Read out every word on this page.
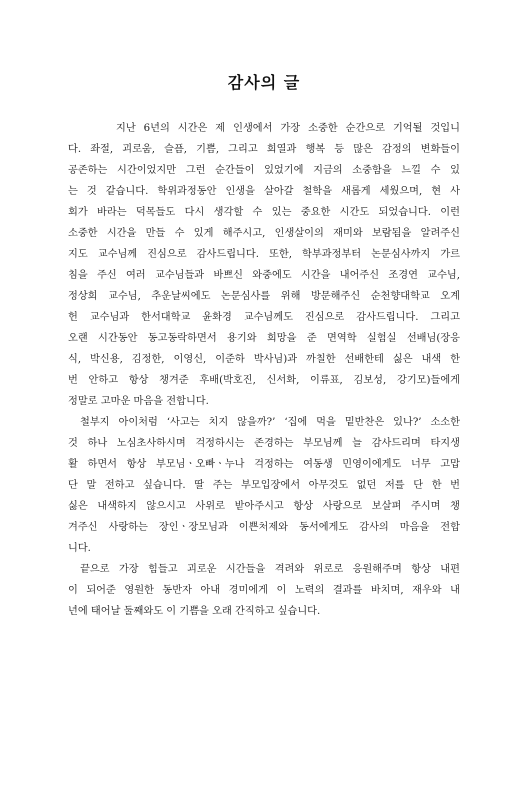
감사의 글

지난 6년의 시간은 제 인생에서 가장 소중한 순간으로 기억될 것입니
다. 좌절, 괴로움, 슬픔, 기쁨, 그리고 희열과 행복 등 많은 감정의 변화들이
공존하는 시간이었지만 그런 순간들이 있었기에 지금의 소중함을 느낄 수 있
는 것 같습니다. 학위과정동안 인생을 살아갈 철학을 새롭게 세웠으며, 현 사
회가 바라는 덕목들도 다시 생각할 수 있는 중요한 시간도 되었습니다. 이런
소중한 시간을 만들 수 있게 해주시고, 인생살이의 재미와 보람됨을 알려주신
지도 교수님께 진심으로 감사드립니다. 또한, 학부과정부터 논문심사까지 가르
침을 주신 여러 교수님들과 바쁘신 와중에도 시간을 내어주신 조경연 교수님,
정상희 교수님, 추운날씨에도 논문심사를 위해 방문해주신 순천향대학교 오계
헌 교수님과 한서대학교 윤화경 교수님께도 진심으로 감사드립니다. 그리고
오랜 시간동안 동고동락하면서 용기와 희망을 준 면역학 실험실 선배님(장응
식, 박신용, 김정한, 이영신, 이준하 박사님)과 까칠한 선배한테 싫은 내색 한
번 안하고 항상 챙겨준 후배(박호진, 신서화, 이류표, 김보성, 강기모)들에게
정말로 고마운 마음을 전합니다.

철부지 아이처럼 ‘사고는 치지 않을까?’ ‘집에 먹을 밑반찬은 있나?’ 소소한
것 하나 노심초사하시며 걱정하시는 존경하는 부모님께 늘 감사드리며 타지생
활 하면서 항상 부모님ㆍ오빠ㆍ누나 걱정하는 여동생 민영이에게도 너무 고맙
단 말 전하고 싶습니다. 딸 주는 부모입장에서 아무것도 없던 저를 단 한 번
싫은 내색하지 않으시고 사위로 받아주시고 항상 사랑으로 보살펴 주시며 챙
겨주신 사랑하는 장인ㆍ장모님과 이쁜처제와 동서에게도 감사의 마음을 전합
니다.

끝으로 가장 힘들고 괴로운 시간들을 격려와 위로로 응원해주며 항상 내편
이 되어준 영원한 동반자 아내 경미에게 이 노력의 결과를 바치며, 재우와 내
년에 태어날 둘째와도 이 기쁨을 오래 간직하고 싶습니다.
